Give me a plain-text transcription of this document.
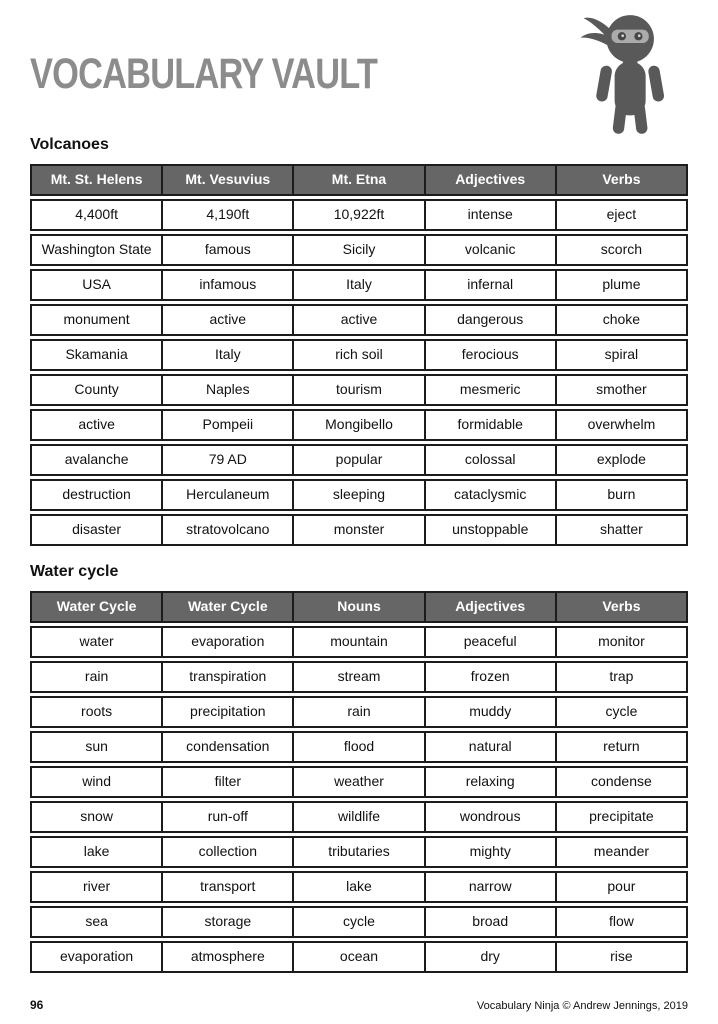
VOCABULARY VAULT
Volcanoes
Mt. St. Helens	Mt. Vesuvius	Mt. Etna	Adjectives	Verbs
4,400ft	4,190ft	10,922ft	intense	eject
Washington State	famous	Sicily	volcanic	scorch
USA	infamous	Italy	infernal	plume
monument	active	active	dangerous	choke
Skamania	Italy	rich soil	ferocious	spiral
County	Naples	tourism	mesmeric	smother
active	Pompeii	Mongibello	formidable	overwhelm
avalanche	79 AD	popular	colossal	explode
destruction	Herculaneum	sleeping	cataclysmic	burn
disaster	stratovolcano	monster	unstoppable	shatter
Water cycle
Water Cycle	Water Cycle	Nouns	Adjectives	Verbs
water	evaporation	mountain	peaceful	monitor
rain	transpiration	stream	frozen	trap
roots	precipitation	rain	muddy	cycle
sun	condensation	flood	natural	return
wind	filter	weather	relaxing	condense
snow	run-off	wildlife	wondrous	precipitate
lake	collection	tributaries	mighty	meander
river	transport	lake	narrow	pour
sea	storage	cycle	broad	flow
evaporation	atmosphere	ocean	dry	rise
96	Vocabulary Ninja © Andrew Jennings, 2019
